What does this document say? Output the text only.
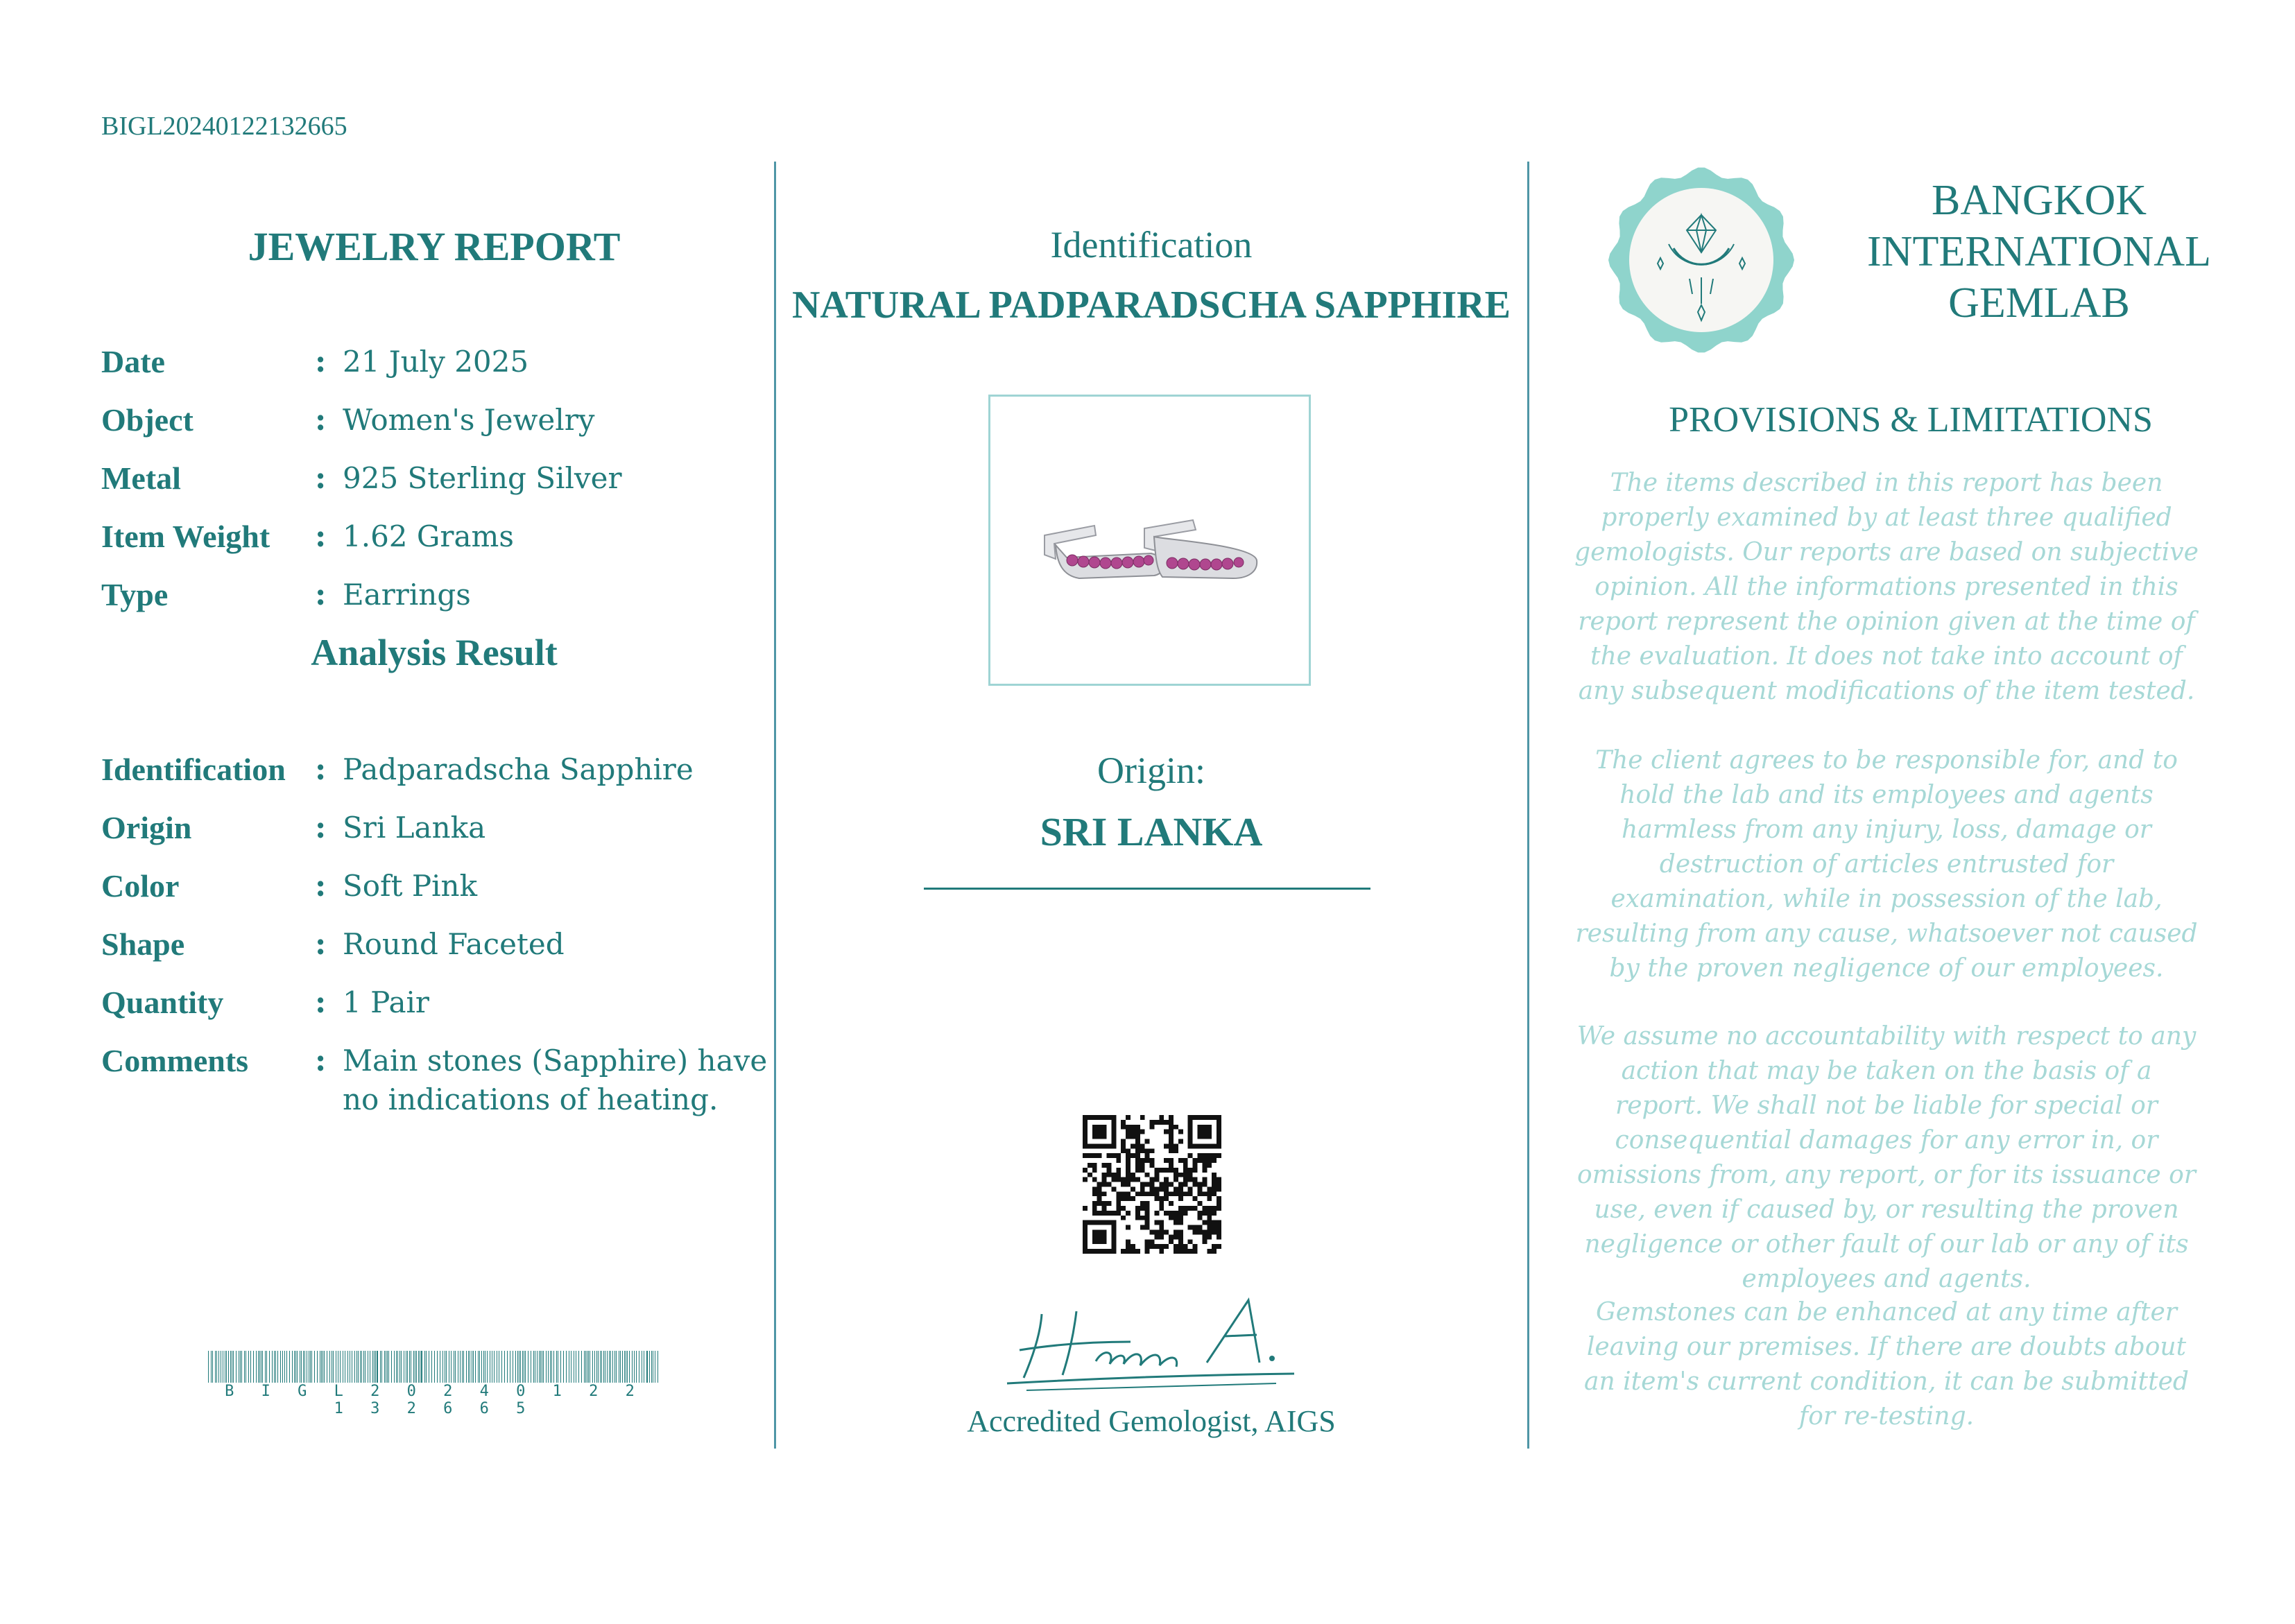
BIGL20240122132665
JEWELRY REPORT
Date	: 21 July 2025
Object	: Women's Jewelry
Metal	: 925 Sterling Silver
Item Weight : 1.62 Grams
Type	: Earrings
Analysis Result
Identification : Padparadscha Sapphire
Origin	: Sri Lanka
Color	: Soft Pink
Shape	: Round Faceted
Quantity	: 1 Pair
Comments : Main stones (Sapphire) have no indications of heating.
B I G L 2 0 2 4 0 1 2 2 1 3 2 6 6 5
Identification
NATURAL PADPARADSCHA SAPPHIRE
Origin:
SRI LANKA
Accredited Gemologist, AIGS
BANGKOK
INTERNATIONAL
GEMLAB
PROVISIONS & LIMITATIONS
The items described in this report has been properly examined by at least three qualified gemologists. Our reports are based on subjective opinion. All the informations presented in this report represent the opinion given at the time of the evaluation. It does not take into account of any subsequent modifications of the item tested.
The client agrees to be responsible for, and to hold the lab and its employees and agents harmless from any injury, loss, damage or destruction of articles entrusted for examination, while in possession of the lab, resulting from any cause, whatsoever not caused by the proven negligence of our employees.
We assume no accountability with respect to any action that may be taken on the basis of a report. We shall not be liable for special or consequential damages for any error in, or omissions from, any report, or for its issuance or use, even if caused by, or resulting the proven negligence or other fault of our lab or any of its employees and agents.
Gemstones can be enhanced at any time after leaving our premises. If there are doubts about an item's current condition, it can be submitted for re-testing.
